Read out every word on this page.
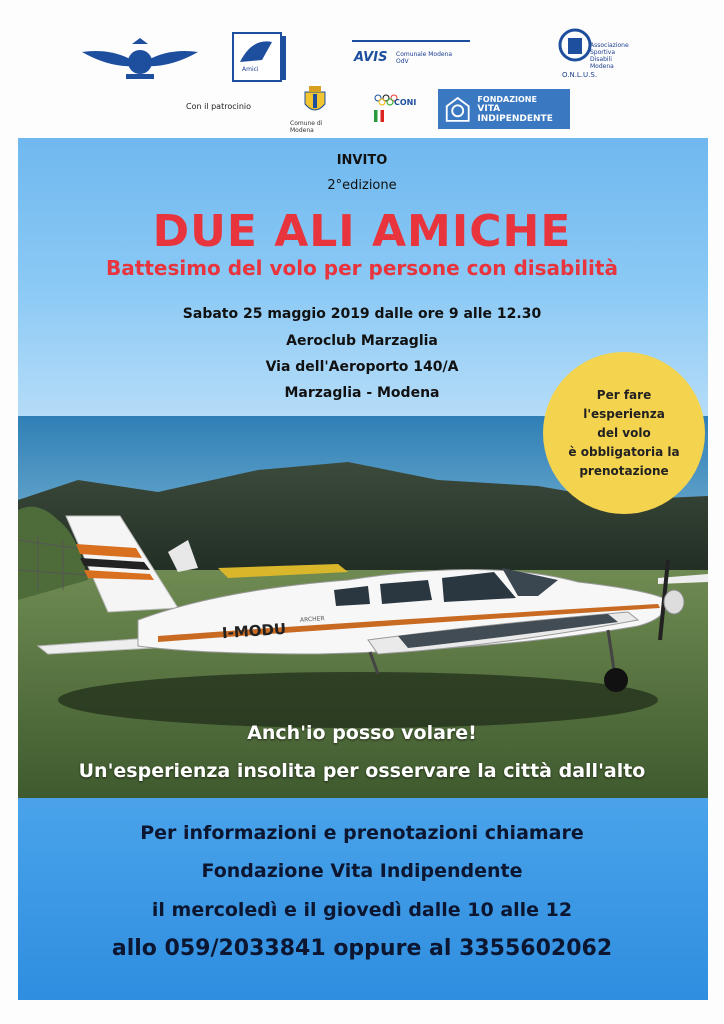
Amici
AVIS Comunale Modena OdV
Associazione Sportiva Disabili Modena
O.N.L.U.S.
Con il patrocinio
Comune di Modena
CONI	FONDAZIONE
VITA INDIPENDENTE
I-MODU
ARCHER
INVITO
2°edizione
DUE ALI AMICHE
Battesimo del volo per persone con disabilità
Sabato 25 maggio 2019 dalle ore 9 alle 12.30
Aeroclub Marzaglia
Via dell'Aeroporto 140/A
Marzaglia - Modena	Per fare
l'esperienza
del volo
è obbligatoria la
prenotazione
Anch'io posso volare!
Un'esperienza insolita per osservare la città dall'alto
Per informazioni e prenotazioni chiamare
Fondazione Vita Indipendente
il mercoledì e il giovedì dalle 10 alle 12
allo 059/2033841 oppure al 3355602062
